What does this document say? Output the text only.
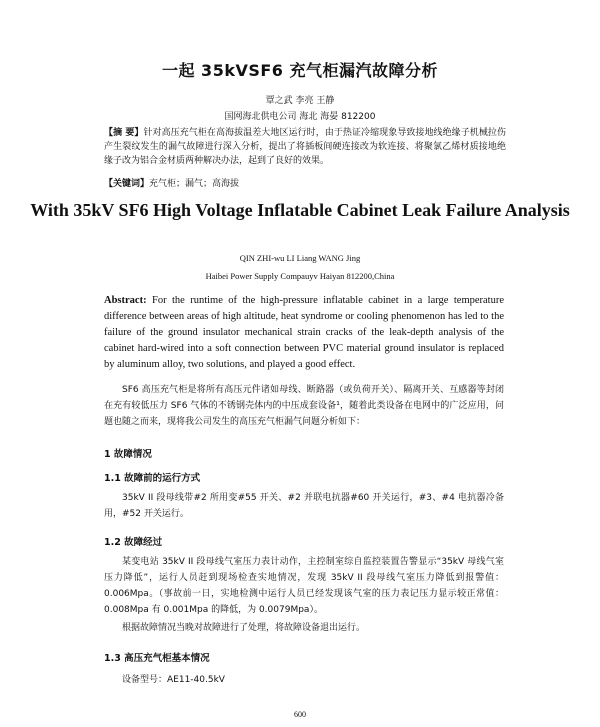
一起 35kVSF6 充气柜漏汽故障分析
覃之武 李亮 王静
国网海北供电公司 海北 海晏 812200
【摘 要】针对高压充气柜在高海拔温差大地区运行时，由于热证冷缩现象导致接地线绝缘子机械拉伤产生裂纹发生的漏气故障进行深入分析，提出了将插板间硬连接改为软连接、将聚氯乙烯材质接地绝缘子改为铝合金材质两种解决办法，起到了良好的效果。
【关键词】充气柜；漏气；高海拔
With 35kV SF6 High Voltage Inflatable Cabinet Leak Failure Analysis
QIN ZHI-wu LI Liang WANG Jing
Haibei Power Supply Compauyv Haiyan 812200,China
Abstract: For the runtime of the high-pressure inflatable cabinet in a large temperature difference between areas of high altitude, heat syndrome or cooling phenomenon has led to the failure of the ground insulator mechanical strain cracks of the leak-depth analysis of the cabinet hard-wired into a soft connection between PVC material ground insulator is replaced by aluminum alloy, two solutions, and played a good effect.
SF6 高压充气柜是将所有高压元件诸如母线、断路器（或负荷开关）、隔离开关、互感器等封闭在充有较低压力 SF6 气体的不锈钢壳体内的中压成套设备¹，随着此类设备在电网中的广泛应用，问题也随之而来，现将我公司发生的高压充气柜漏气问题分析如下：
1 故障情况
1.1 故障前的运行方式
35kV II 段母线带#2 所用变#55 开关、#2 并联电抗器#60 开关运行，#3、#4 电抗器冷备用，#52 开关运行。
1.2 故障经过
某变电站 35kV II 段母线气室压力表计动作，主控制室综自监控装置告警显示“35kV 母线气室压力降低”，运行人员赶到现场检查实地情况，发现 35kV II 段母线气室压力降低到报警值：0.006Mpa。（事故前一日，实地检测中运行人员已经发现该气室的压力表记压力显示较正常值：0.008Mpa 有 0.001Mpa 的降低，为 0.0079Mpa）。
根据故障情况当晚对故障进行了处理，将故障设备退出运行。
1.3 高压充气柜基本情况
设备型号：AE11-40.5kV
600
